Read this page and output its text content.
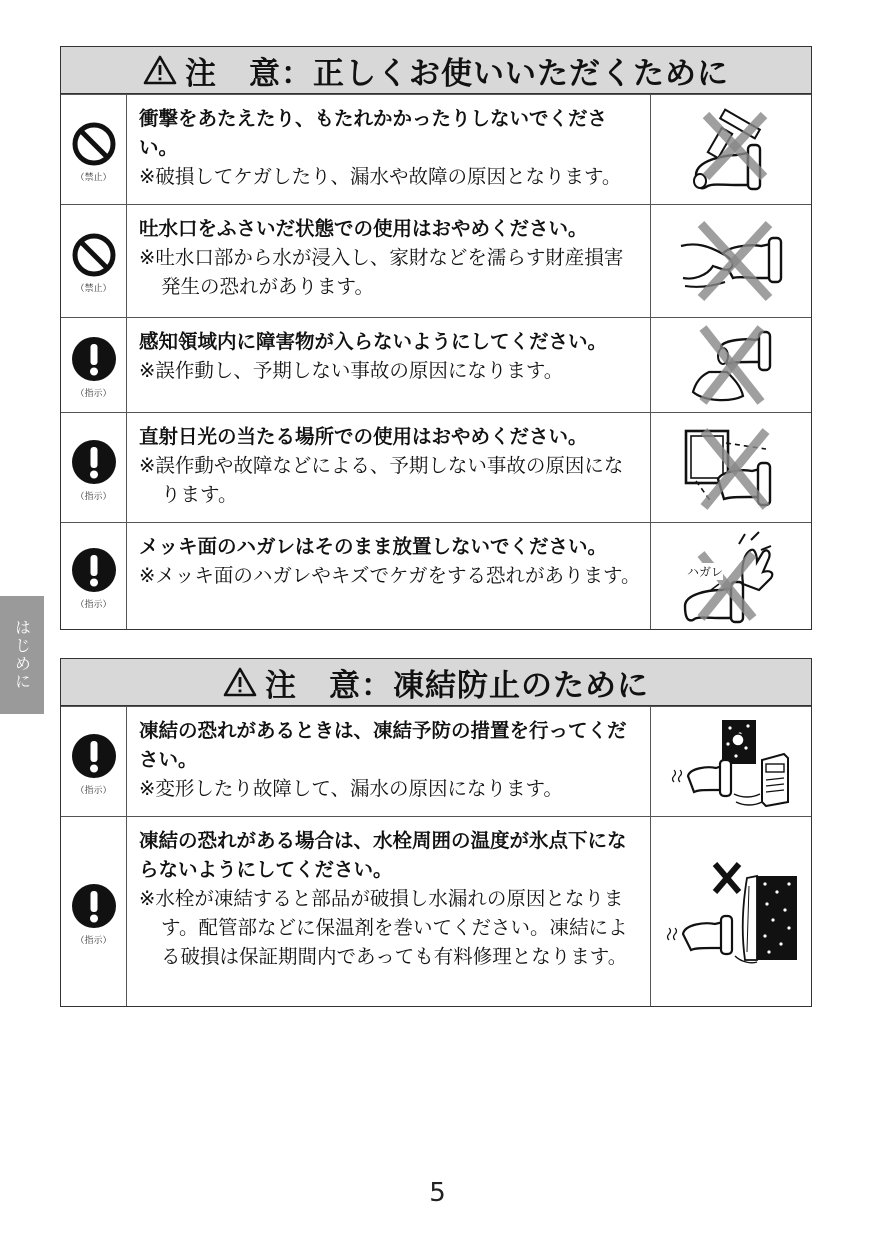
注　意：正しくお使いいただくために
（禁止）
衝撃をあたえたり、もたれかかったりしないでください。
※破損してケガしたり、漏水や故障の原因となります。
（禁止）
吐水口をふさいだ状態での使用はおやめください。
※吐水口部から水が浸入し、家財などを濡らす財産損害発生の恐れがあります。
（指示）
感知領域内に障害物が入らないようにしてください。
※誤作動し、予期しない事故の原因になります。
（指示）
直射日光の当たる場所での使用はおやめください。
※誤作動や故障などによる、予期しない事故の原因になります。
（指示）
メッキ面のハガレはそのまま放置しないでください。
※メッキ面のハガレやキズでケガをする恐れがあります。	ハガレ
注　意：凍結防止のために
（指示）
凍結の恐れがあるときは、凍結予防の措置を行ってください。
※変形したり故障して、漏水の原因になります。
（指示）
凍結の恐れがある場合は、水栓周囲の温度が氷点下にならないようにしてください。
※水栓が凍結すると部品が破損し水漏れの原因となります。配管部などに保温剤を巻いてください。凍結による破損は保証期間内であっても有料修理となります。
はじめに
5
